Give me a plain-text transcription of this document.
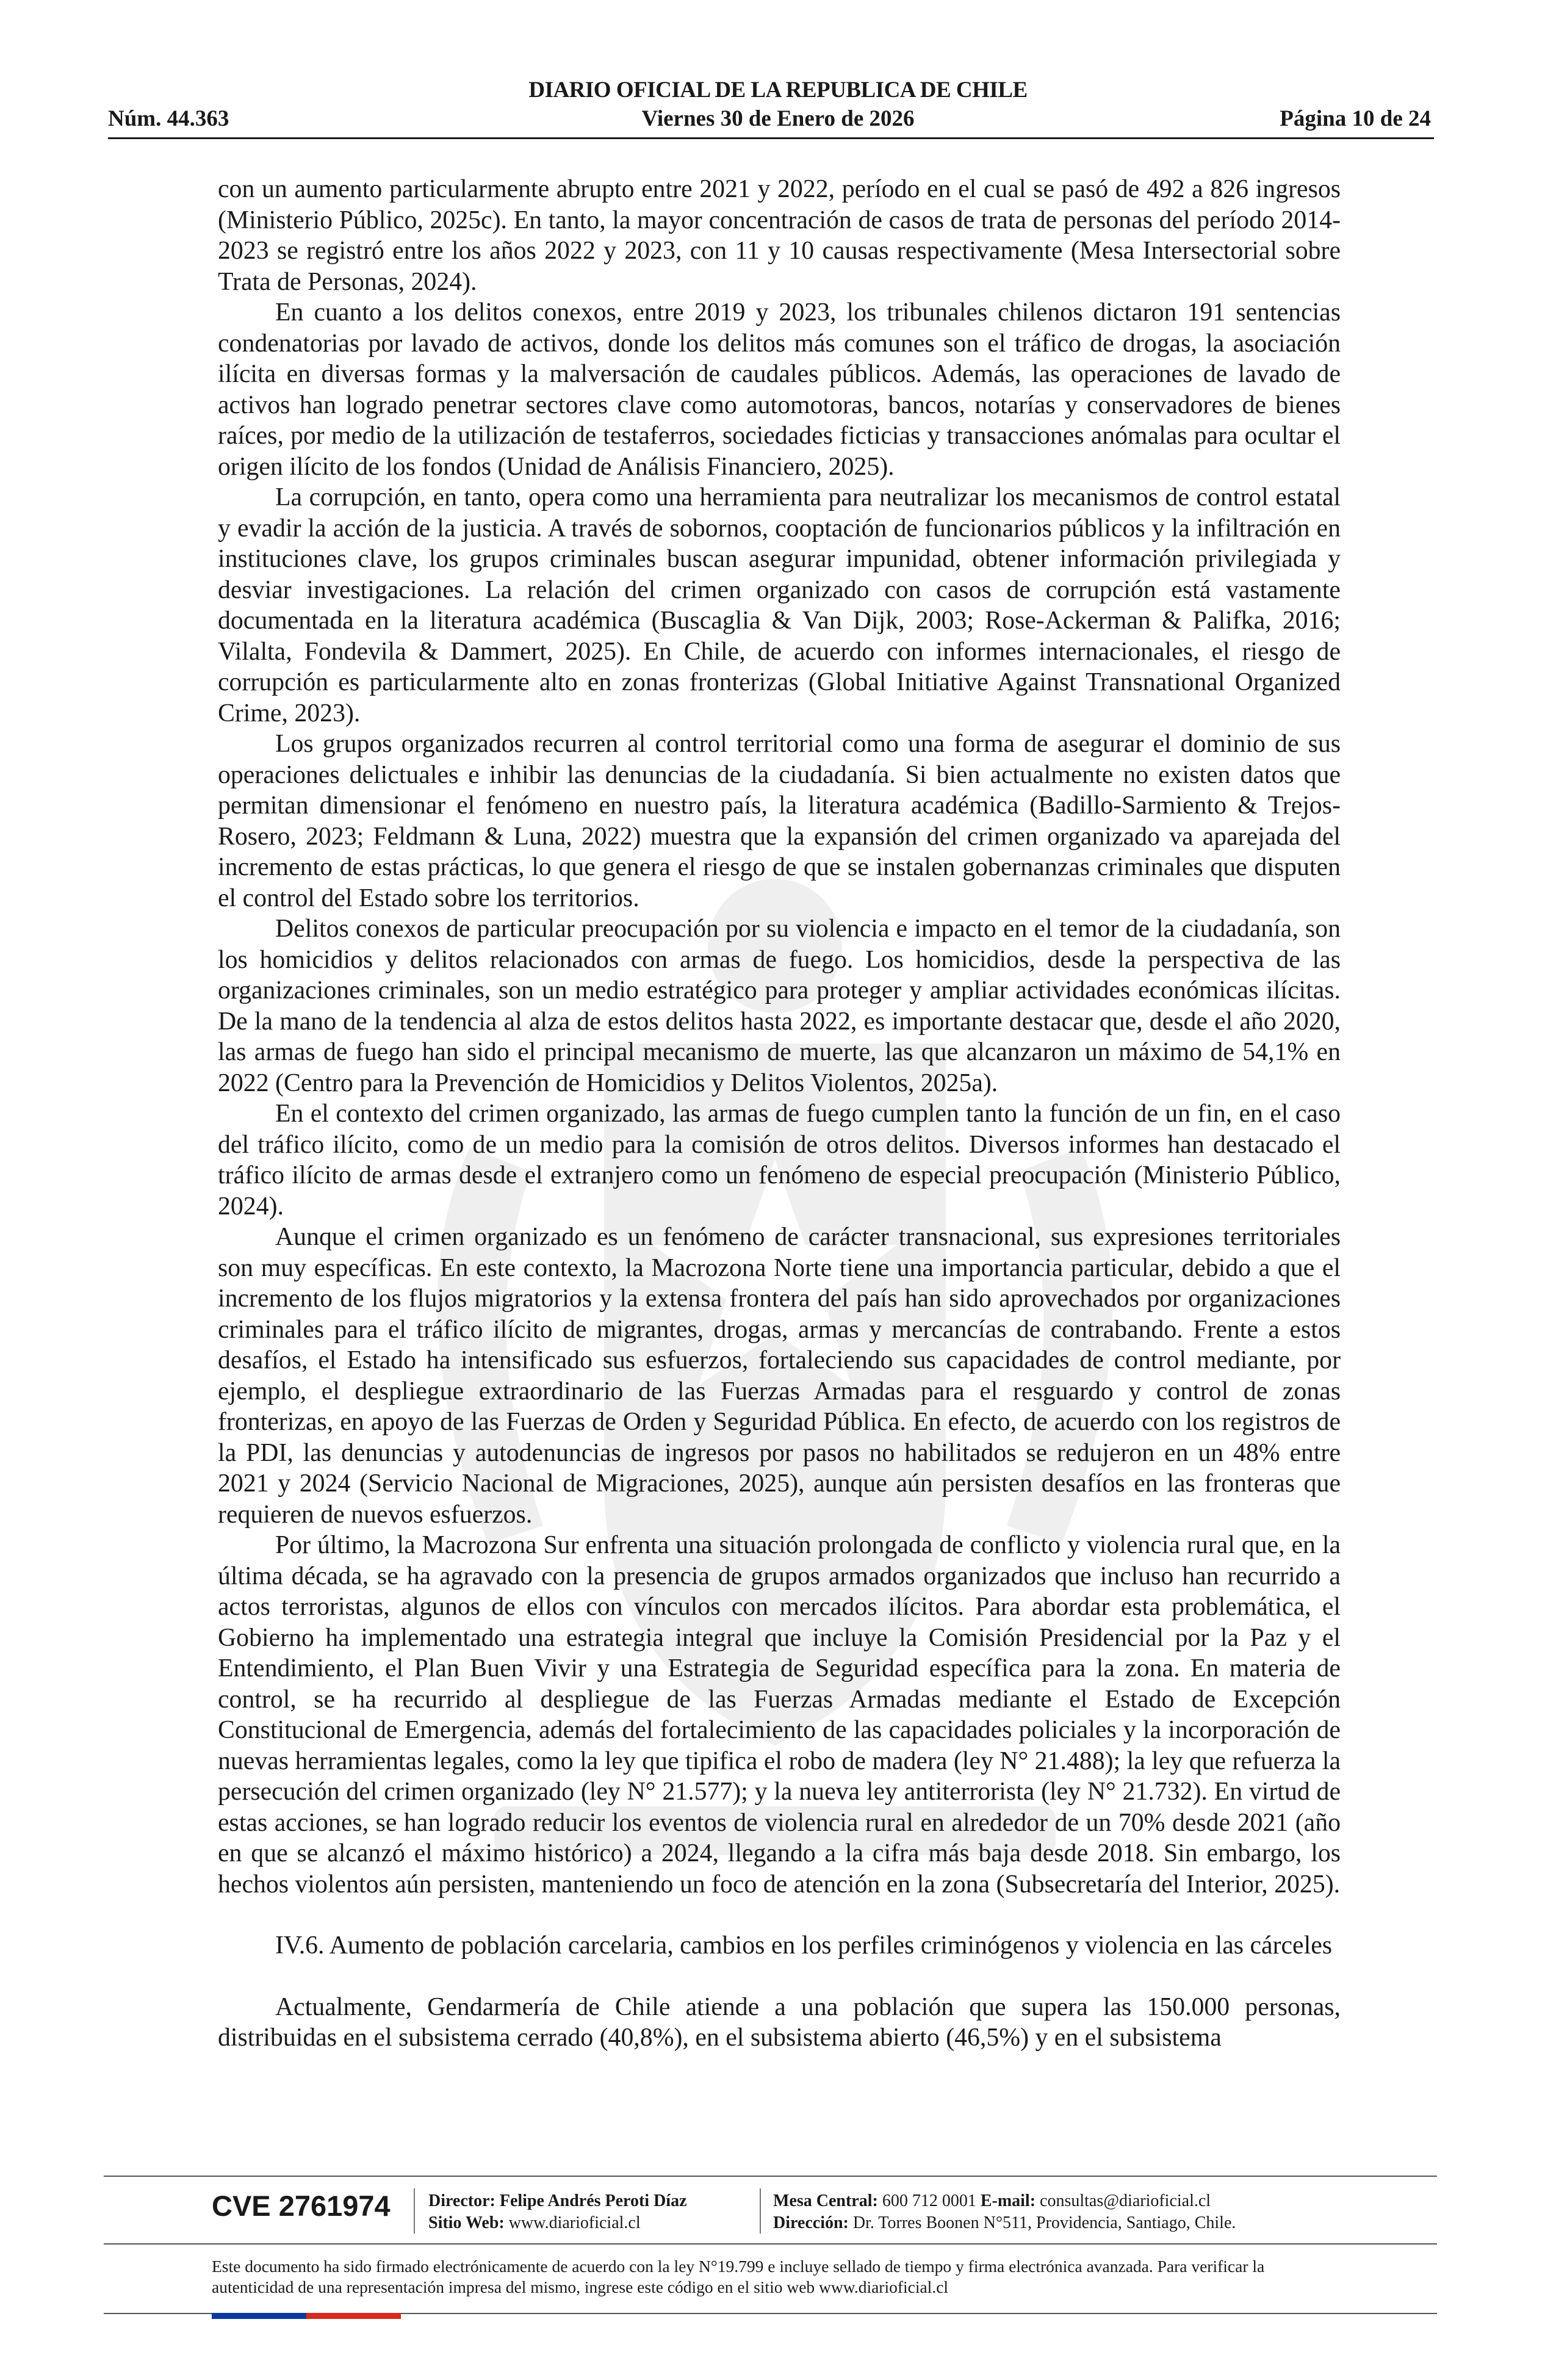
DIARIO OFICIAL DE LA REPUBLICA DE CHILE
Núm. 44.363	Viernes 30 de Enero de 2026	Página 10 de 24

con un aumento particularmente abrupto entre 2021 y 2022, período en el cual se pasó de 492 a 826 ingresos (Ministerio Público, 2025c). En tanto, la mayor concentración de casos de trata de personas del período 2014-2023 se registró entre los años 2022 y 2023, con 11 y 10 causas respectivamente (Mesa Intersectorial sobre Trata de Personas, 2024).

En cuanto a los delitos conexos, entre 2019 y 2023, los tribunales chilenos dictaron 191 sentencias condenatorias por lavado de activos, donde los delitos más comunes son el tráfico de drogas, la asociación ilícita en diversas formas y la malversación de caudales públicos. Además, las operaciones de lavado de activos han logrado penetrar sectores clave como automotoras, bancos, notarías y conservadores de bienes raíces, por medio de la utilización de testaferros, sociedades ficticias y transacciones anómalas para ocultar el origen ilícito de los fondos (Unidad de Análisis Financiero, 2025).

La corrupción, en tanto, opera como una herramienta para neutralizar los mecanismos de control estatal y evadir la acción de la justicia. A través de sobornos, cooptación de funcionarios públicos y la infiltración en instituciones clave, los grupos criminales buscan asegurar impunidad, obtener información privilegiada y desviar investigaciones. La relación del crimen organizado con casos de corrupción está vastamente documentada en la literatura académica (Buscaglia & Van Dijk, 2003; Rose-Ackerman & Palifka, 2016; Vilalta, Fondevila & Dammert, 2025). En Chile, de acuerdo con informes internacionales, el riesgo de corrupción es particularmente alto en zonas fronterizas (Global Initiative Against Transnational Organized Crime, 2023).

Los grupos organizados recurren al control territorial como una forma de asegurar el dominio de sus operaciones delictuales e inhibir las denuncias de la ciudadanía. Si bien actualmente no existen datos que permitan dimensionar el fenómeno en nuestro país, la literatura académica (Badillo-Sarmiento & Trejos-Rosero, 2023; Feldmann & Luna, 2022) muestra que la expansión del crimen organizado va aparejada del incremento de estas prácticas, lo que genera el riesgo de que se instalen gobernanzas criminales que disputen el control del Estado sobre los territorios.

Delitos conexos de particular preocupación por su violencia e impacto en el temor de la ciudadanía, son los homicidios y delitos relacionados con armas de fuego. Los homicidios, desde la perspectiva de las organizaciones criminales, son un medio estratégico para proteger y ampliar actividades económicas ilícitas. De la mano de la tendencia al alza de estos delitos hasta 2022, es importante destacar que, desde el año 2020, las armas de fuego han sido el principal mecanismo de muerte, las que alcanzaron un máximo de 54,1% en 2022 (Centro para la Prevención de Homicidios y Delitos Violentos, 2025a).

En el contexto del crimen organizado, las armas de fuego cumplen tanto la función de un fin, en el caso del tráfico ilícito, como de un medio para la comisión de otros delitos. Diversos informes han destacado el tráfico ilícito de armas desde el extranjero como un fenómeno de especial preocupación (Ministerio Público, 2024).

Aunque el crimen organizado es un fenómeno de carácter transnacional, sus expresiones territoriales son muy específicas. En este contexto, la Macrozona Norte tiene una importancia particular, debido a que el incremento de los flujos migratorios y la extensa frontera del país han sido aprovechados por organizaciones criminales para el tráfico ilícito de migrantes, drogas, armas y mercancías de contrabando. Frente a estos desafíos, el Estado ha intensificado sus esfuerzos, fortaleciendo sus capacidades de control mediante, por ejemplo, el despliegue extraordinario de las Fuerzas Armadas para el resguardo y control de zonas fronterizas, en apoyo de las Fuerzas de Orden y Seguridad Pública. En efecto, de acuerdo con los registros de la PDI, las denuncias y autodenuncias de ingresos por pasos no habilitados se redujeron en un 48% entre 2021 y 2024 (Servicio Nacional de Migraciones, 2025), aunque aún persisten desafíos en las fronteras que requieren de nuevos esfuerzos.

Por último, la Macrozona Sur enfrenta una situación prolongada de conflicto y violencia rural que, en la última década, se ha agravado con la presencia de grupos armados organizados que incluso han recurrido a actos terroristas, algunos de ellos con vínculos con mercados ilícitos. Para abordar esta problemática, el Gobierno ha implementado una estrategia integral que incluye la Comisión Presidencial por la Paz y el Entendimiento, el Plan Buen Vivir y una Estrategia de Seguridad específica para la zona. En materia de control, se ha recurrido al despliegue de las Fuerzas Armadas mediante el Estado de Excepción Constitucional de Emergencia, además del fortalecimiento de las capacidades policiales y la incorporación de nuevas herramientas legales, como la ley que tipifica el robo de madera (ley N° 21.488); la ley que refuerza la persecución del crimen organizado (ley N° 21.577); y la nueva ley antiterrorista (ley N° 21.732). En virtud de estas acciones, se han logrado reducir los eventos de violencia rural en alrededor de un 70% desde 2021 (año en que se alcanzó el máximo histórico) a 2024, llegando a la cifra más baja desde 2018. Sin embargo, los hechos violentos aún persisten, manteniendo un foco de atención en la zona (Subsecretaría del Interior, 2025).

IV.6. Aumento de población carcelaria, cambios en los perfiles criminógenos y violencia en las cárceles

Actualmente, Gendarmería de Chile atiende a una población que supera las 150.000 personas, distribuidas en el subsistema cerrado (40,8%), en el subsistema abierto (46,5%) y en el subsistema

CVE 2761974 Director: Felipe Andrés Peroti Díaz
Sitio Web: www.diarioficial.cl
Mesa Central: 600 712 0001 E-mail: consultas@diarioficial.cl
Dirección: Dr. Torres Boonen N°511, Providencia, Santiago, Chile.
Este documento ha sido firmado electrónicamente de acuerdo con la ley N°19.799 e incluye sellado de tiempo y firma electrónica avanzada. Para verificar la autenticidad de una representación impresa del mismo, ingrese este código en el sitio web www.diarioficial.cl
